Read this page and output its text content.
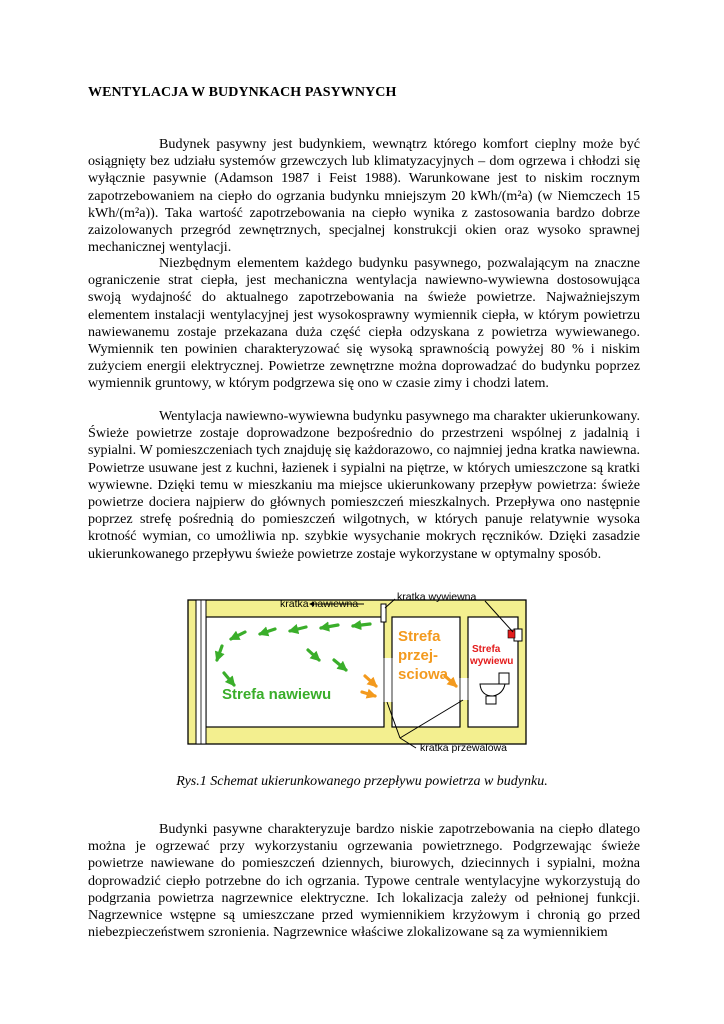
WENTYLACJA W BUDYNKACH PASYWNYCH

Budynek pasywny jest budynkiem, wewnątrz którego komfort cieplny może być osiągnięty bez udziału systemów grzewczych lub klimatyzacyjnych – dom ogrzewa i chłodzi się wyłącznie pasywnie (Adamson 1987 i Feist 1988). Warunkowane jest to niskim rocznym zapotrzebowaniem na ciepło do ogrzania budynku mniejszym 20 kWh/(m²a) (w Niemczech 15 kWh/(m²a)). Taka wartość zapotrzebowania na ciepło wynika z zastosowania bardzo dobrze zaizolowanych przegród zewnętrznych, specjalnej konstrukcji okien oraz wysoko sprawnej mechanicznej wentylacji.

Niezbędnym elementem każdego budynku pasywnego, pozwalającym na znaczne ograniczenie strat ciepła, jest mechaniczna wentylacja nawiewno-wywiewna dostosowująca swoją wydajność do aktualnego zapotrzebowania na świeże powietrze. Najważniejszym elementem instalacji wentylacyjnej jest wysokosprawny wymiennik ciepła, w którym powietrzu nawiewanemu zostaje przekazana duża część ciepła odzyskana z powietrza wywiewanego. Wymiennik ten powinien charakteryzować się wysoką sprawnością powyżej 80 % i niskim zużyciem energii elektrycznej. Powietrze zewnętrzne można doprowadzać do budynku poprzez wymiennik gruntowy, w którym podgrzewa się ono w czasie zimy i chodzi latem.

Wentylacja nawiewno-wywiewna budynku pasywnego ma charakter ukierunkowany. Świeże powietrze zostaje doprowadzone bezpośrednio do przestrzeni wspólnej z jadalnią i sypialni. W pomieszczeniach tych znajduję się każdorazowo, co najmniej jedna kratka nawiewna. Powietrze usuwane jest z kuchni, łazienek i sypialni na piętrze, w których umieszczone są kratki wywiewne. Dzięki temu w mieszkaniu ma miejsce ukierunkowany przepływ powietrza: świeże powietrze dociera najpierw do głównych pomieszczeń mieszkalnych. Przepływa ono następnie poprzez strefę pośrednią do pomieszczeń wilgotnych, w których panuje relatywnie wysoka krotność wymian, co umożliwia np. szybkie wysychanie mokrych ręczników. Dzięki zasadzie ukierunkowanego przepływu świeże powietrze zostaje wykorzystane w optymalny sposób.

kratka nawiewna
kratka wywiewna
kratka przewalowa
Strefa nawiewu
Strefa
przej-
sciowa
Strefa
wywiewu

Rys.1 Schemat ukierunkowanego przepływu powietrza w budynku.

Budynki pasywne charakteryzuje bardzo niskie zapotrzebowania na ciepło dlatego można je ogrzewać przy wykorzystaniu ogrzewania powietrznego. Podgrzewając świeże powietrze nawiewane do pomieszczeń dziennych, biurowych, dziecinnych i sypialni, można doprowadzić ciepło potrzebne do ich ogrzania. Typowe centrale wentylacyjne wykorzystują do podgrzania powietrza nagrzewnice elektryczne. Ich lokalizacja zależy od pełnionej funkcji. Nagrzewnice wstępne są umieszczane przed wymiennikiem krzyżowym i chronią go przed niebezpieczeństwem szronienia. Nagrzewnice właściwe zlokalizowane są za wymiennikiem
